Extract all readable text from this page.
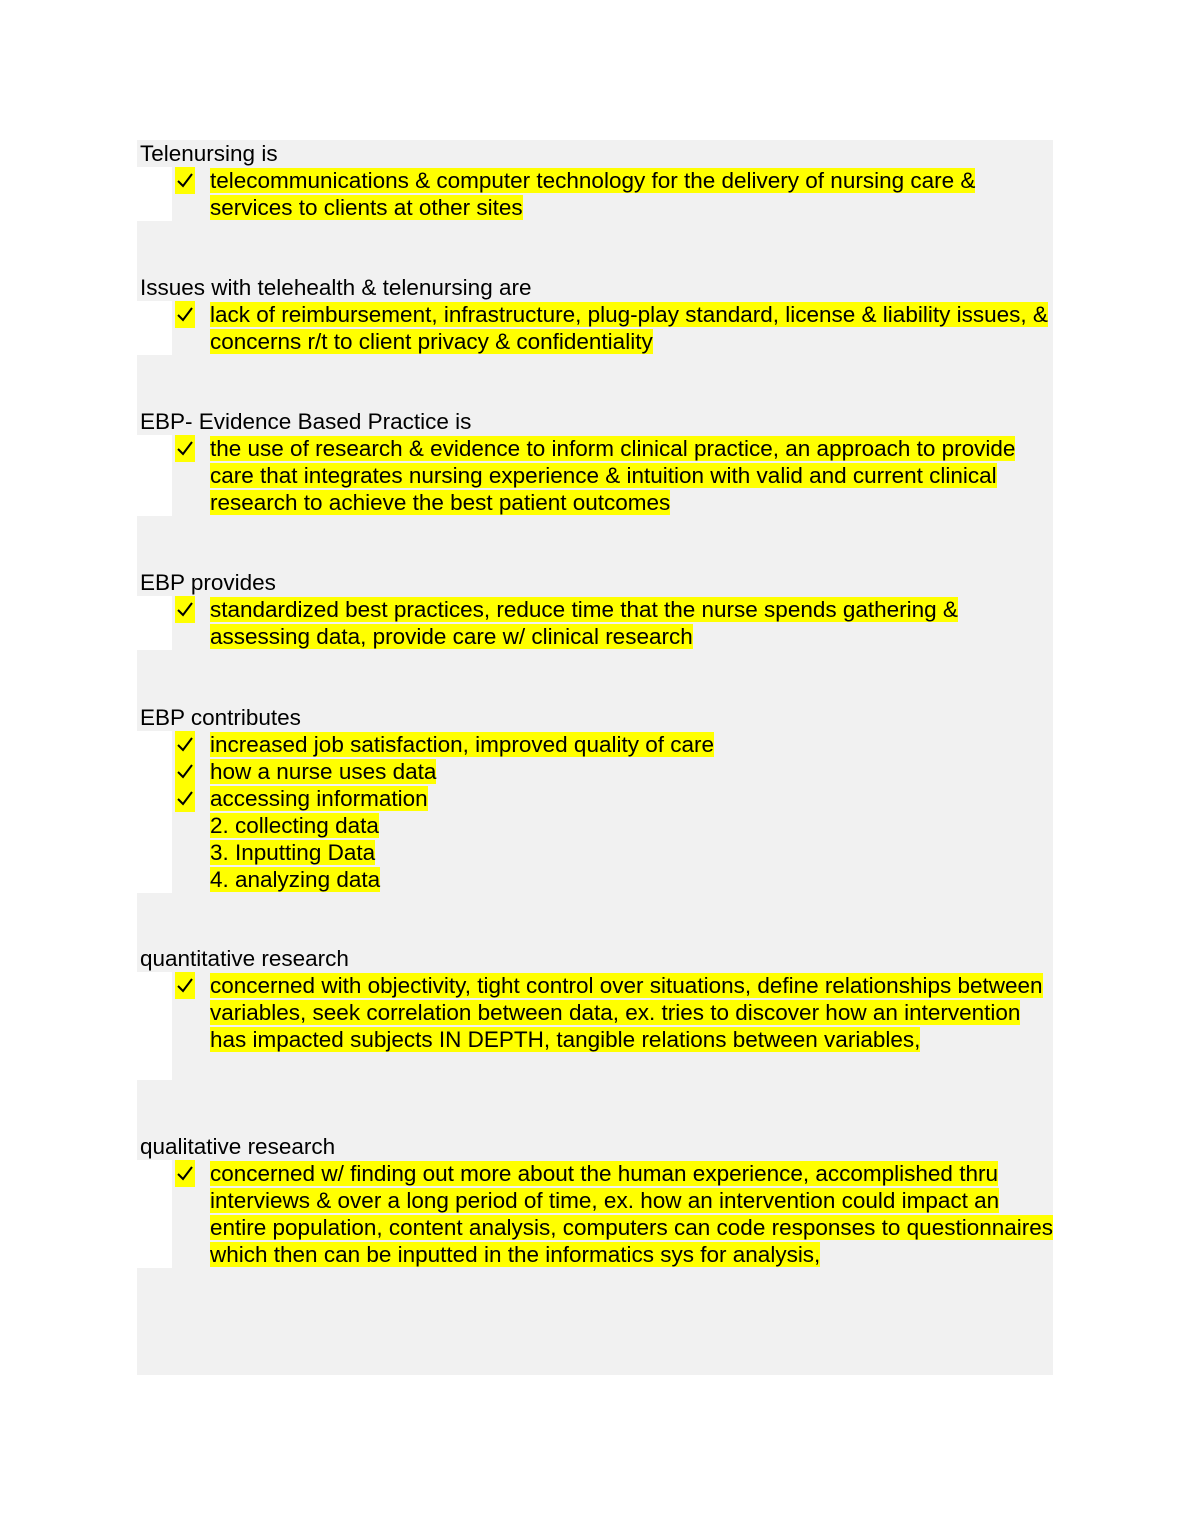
Telenursing is
telecommunications & computer technology for the delivery of nursing care & services to clients at other sites
Issues with telehealth & telenursing are
lack of reimbursement, infrastructure, plug-play standard, license & liability issues, & concerns r/t to client privacy & confidentiality
EBP- Evidence Based Practice is
the use of research & evidence to inform clinical practice, an approach to provide care that integrates nursing experience & intuition with valid and current clinical research to achieve the best patient outcomes
EBP provides
standardized best practices, reduce time that the nurse spends gathering & assessing data, provide care w/ clinical research
EBP contributes
increased job satisfaction, improved quality of care
how a nurse uses data
accessing information
2. collecting data
3. Inputting Data
4. analyzing data
quantitative research
concerned with objectivity, tight control over situations, define relationships between variables, seek correlation between data, ex. tries to discover how an intervention has impacted subjects IN DEPTH, tangible relations between variables,
qualitative research
concerned w/ finding out more about the human experience, accomplished thru interviews & over a long period of time, ex. how an intervention could impact an entire population, content analysis, computers can code responses to questionnaires which then can be inputted in the informatics sys for analysis,
